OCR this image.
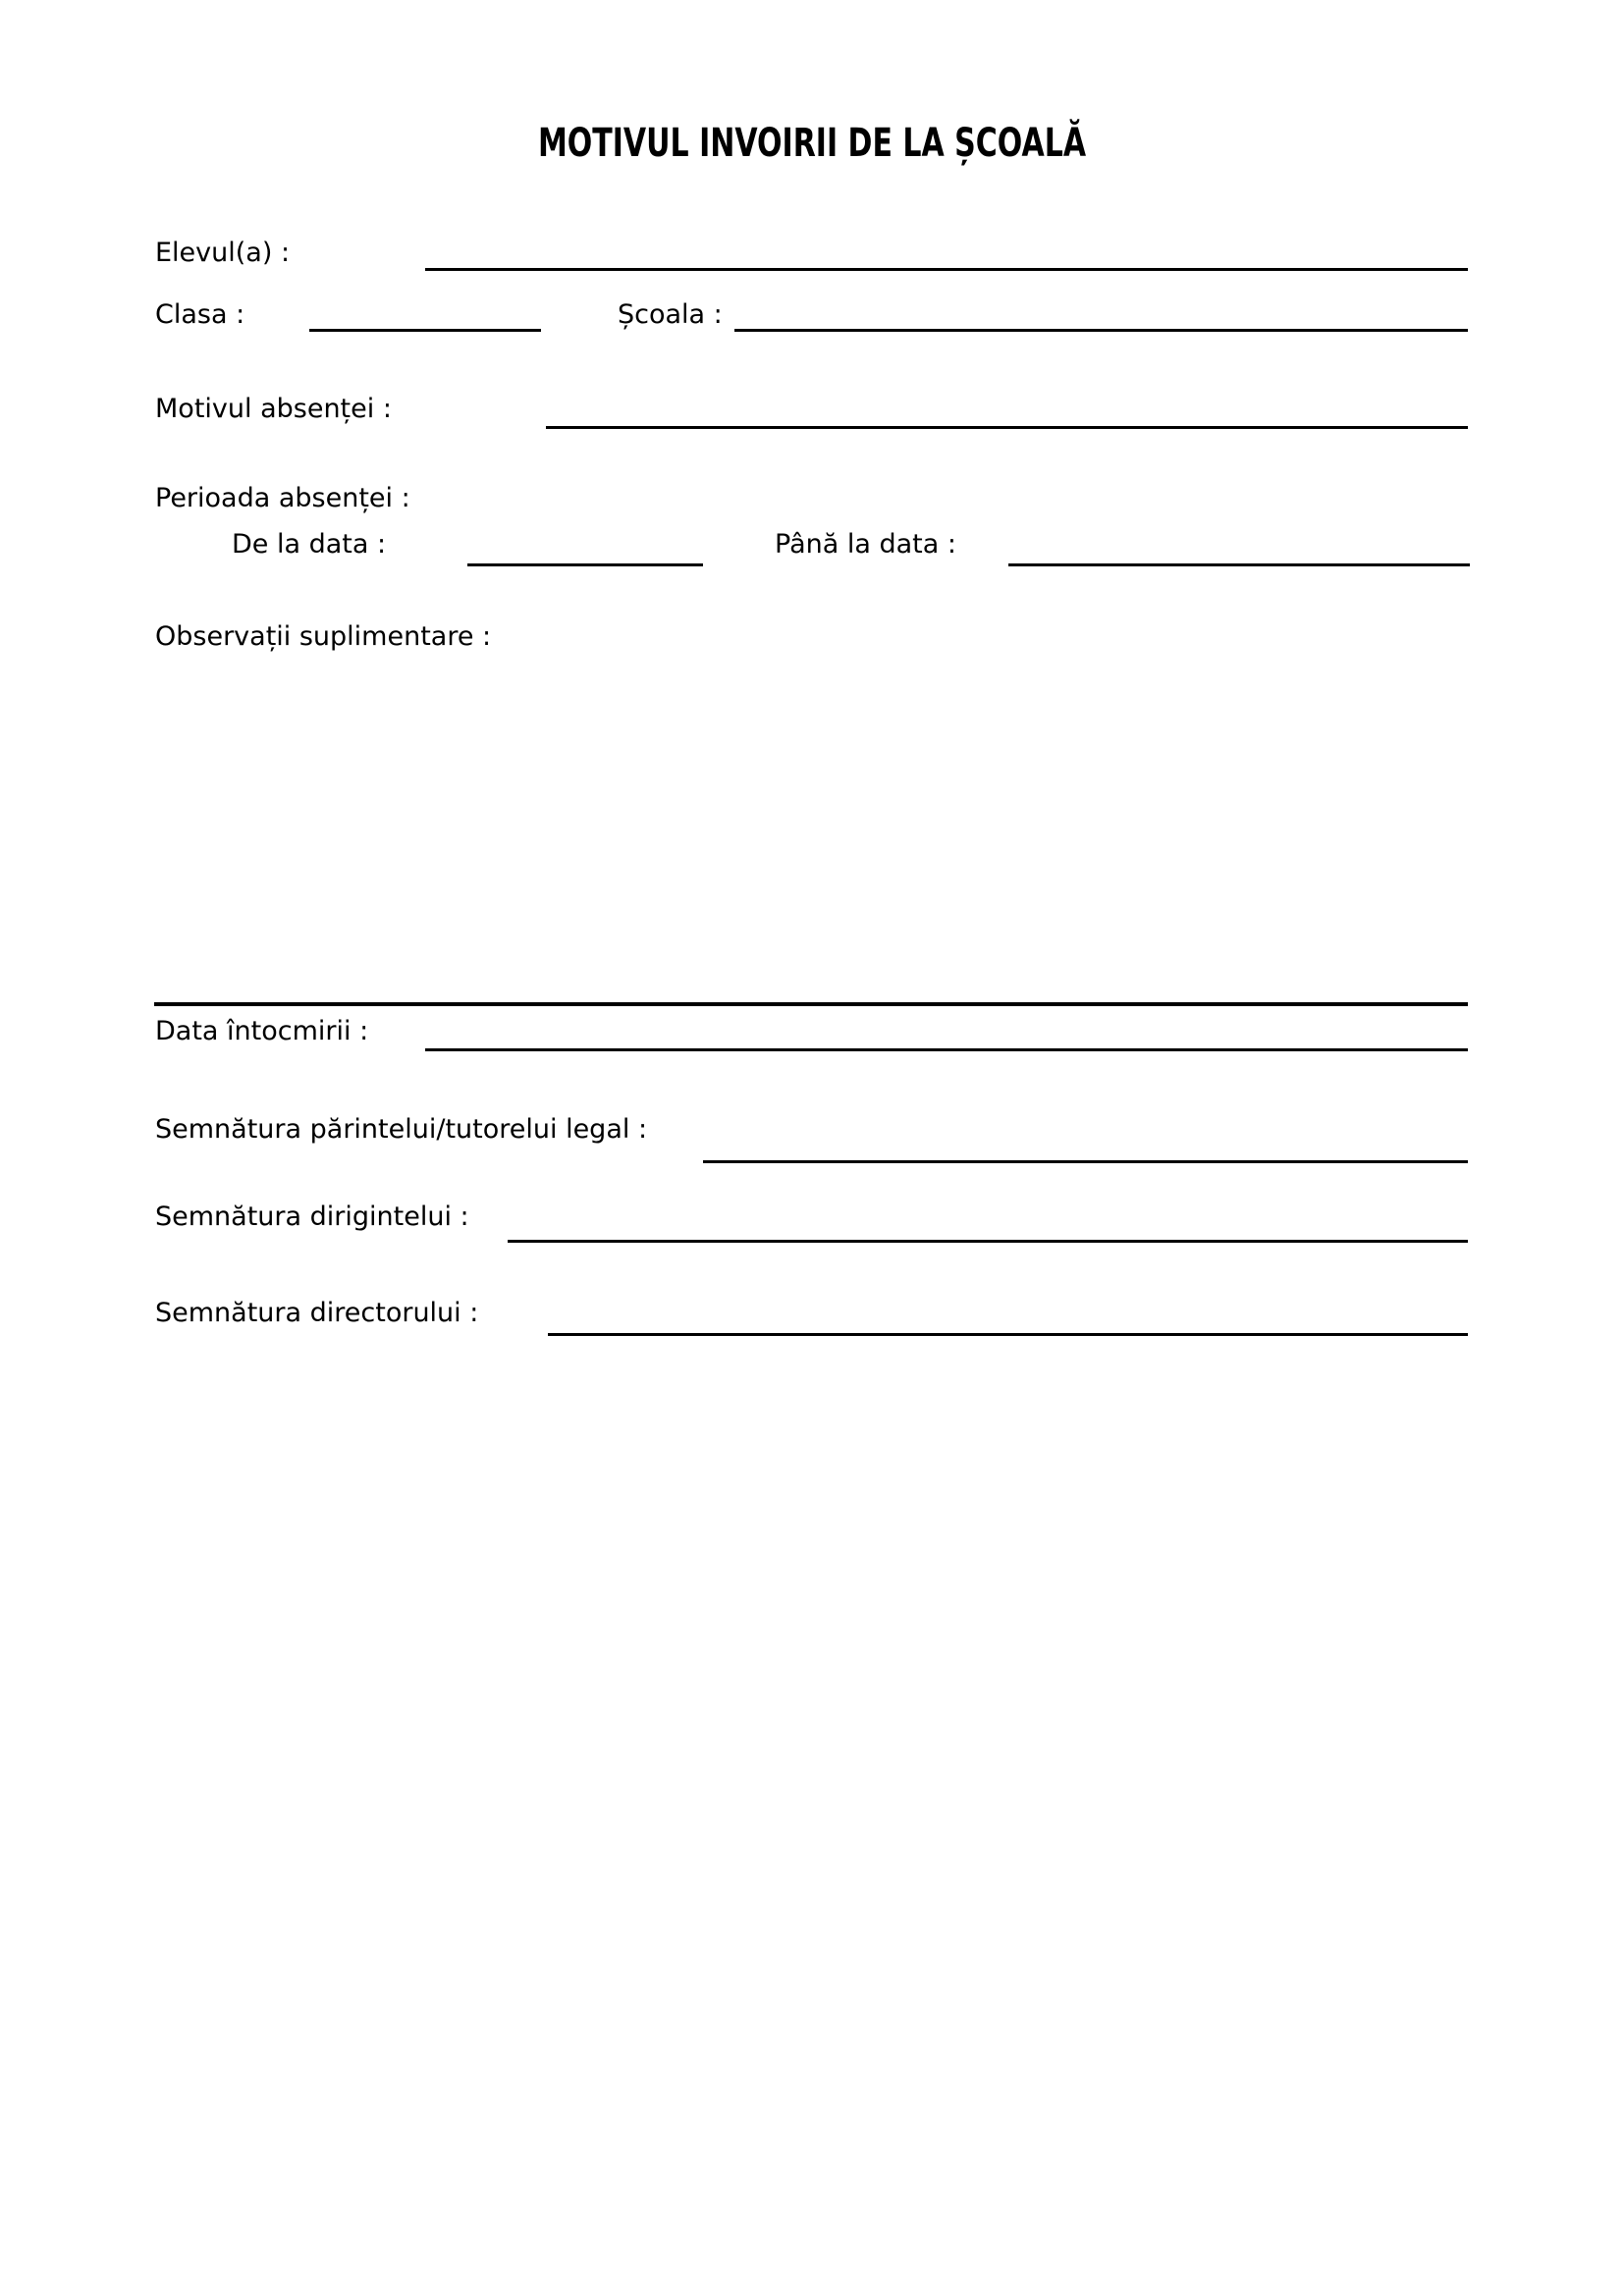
MOTIVUL INVOIRII DE LA ȘCOALĂ
Elevul(a) :
Clasa :	Școala :
Motivul absenței :
Perioada absenței :
De la data :	Până la data :
Observații suplimentare :
Data întocmirii :
Semnătura părintelui/tutorelui legal :
Semnătura dirigintelui :
Semnătura directorului :
